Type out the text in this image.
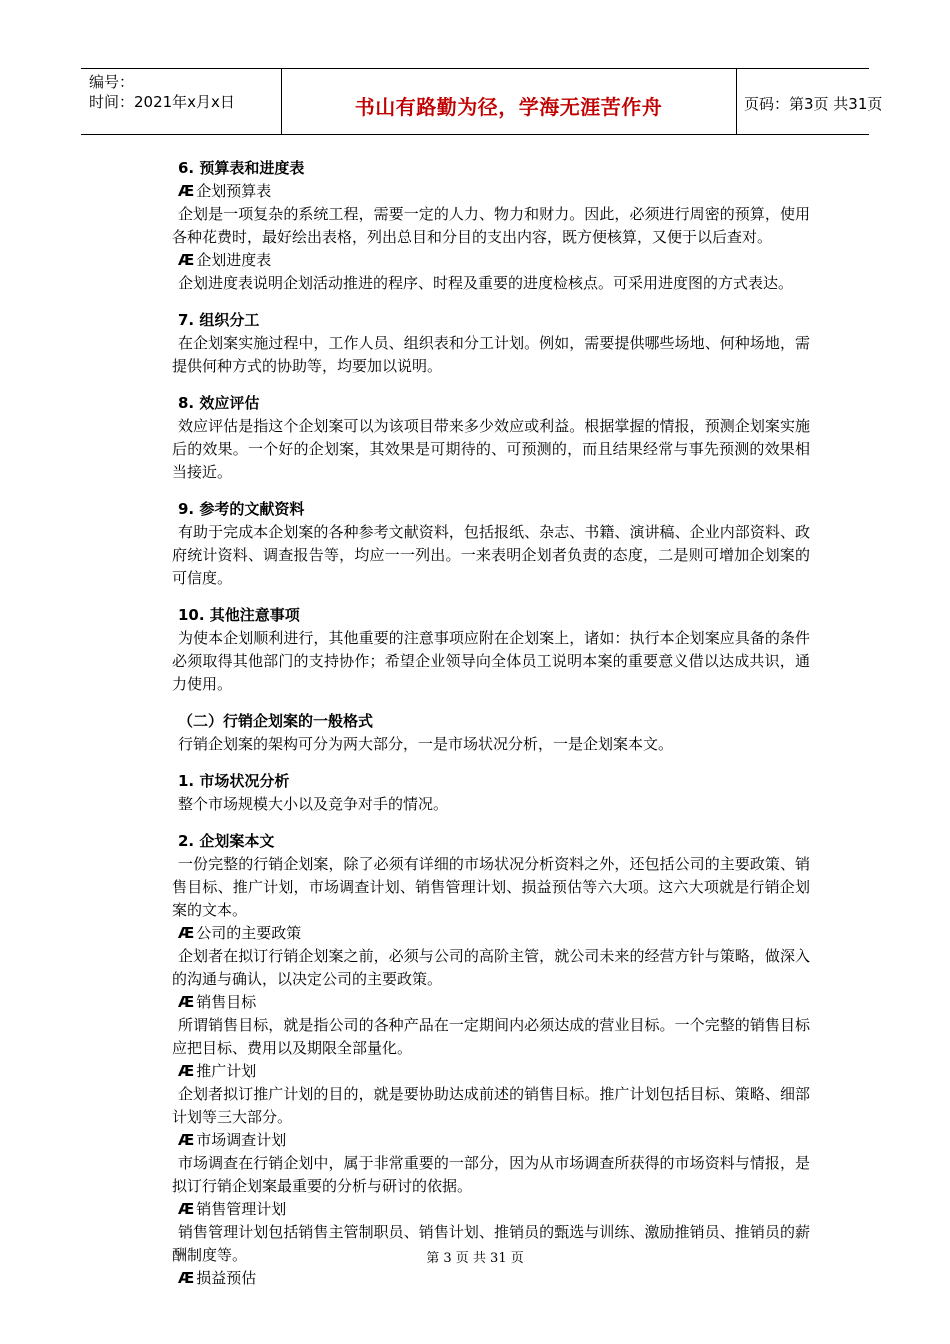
编号：
时间：2021年x月x日	书山有路勤为径，学海无涯苦作舟	页码：第3页 共31页
6. 预算表和进度表
Æ 企划预算表
企划是一项复杂的系统工程，需要一定的人力、物力和财力。因此，必须进行周密的预算，使用各种花费时，最好绘出表格，列出总目和分目的支出内容，既方便核算，又便于以后查对。
Æ 企划进度表
企划进度表说明企划活动推进的程序、时程及重要的进度检核点。可采用进度图的方式表达。
7. 组织分工
在企划案实施过程中，工作人员、组织表和分工计划。例如，需要提供哪些场地、何种场地，需提供何种方式的协助等，均要加以说明。
8. 效应评估
效应评估是指这个企划案可以为该项目带来多少效应或利益。根据掌握的情报，预测企划案实施后的效果。一个好的企划案，其效果是可期待的、可预测的，而且结果经常与事先预测的效果相当接近。
9. 参考的文献资料
有助于完成本企划案的各种参考文献资料，包括报纸、杂志、书籍、演讲稿、企业内部资料、政府统计资料、调查报告等，均应一一列出。一来表明企划者负责的态度，二是则可增加企划案的可信度。
10. 其他注意事项
为使本企划顺利进行，其他重要的注意事项应附在企划案上，诸如：执行本企划案应具备的条件必须取得其他部门的支持协作；希望企业领导向全体员工说明本案的重要意义借以达成共识，通力使用。
（二）行销企划案的一般格式
行销企划案的架构可分为两大部分，一是市场状况分析，一是企划案本文。
1. 市场状况分析
整个市场规模大小以及竞争对手的情况。
2. 企划案本文
一份完整的行销企划案，除了必须有详细的市场状况分析资料之外，还包括公司的主要政策、销售目标、推广计划，市场调查计划、销售管理计划、损益预估等六大项。这六大项就是行销企划案的文本。
Æ 公司的主要政策
企划者在拟订行销企划案之前，必须与公司的高阶主管，就公司未来的经营方针与策略，做深入的沟通与确认，以决定公司的主要政策。
Æ 销售目标
所谓销售目标，就是指公司的各种产品在一定期间内必须达成的营业目标。一个完整的销售目标应把目标、费用以及期限全部量化。
Æ 推广计划
企划者拟订推广计划的目的，就是要协助达成前述的销售目标。推广计划包括目标、策略、细部计划等三大部分。
Æ 市场调查计划
市场调查在行销企划中，属于非常重要的一部分，因为从市场调查所获得的市场资料与情报，是拟订行销企划案最重要的分析与研讨的依据。
Æ 销售管理计划
销售管理计划包括销售主管制职员、销售计划、推销员的甄选与训练、激励推销员、推销员的薪酬制度等。
Æ 损益预估
第 3 页 共 31 页
